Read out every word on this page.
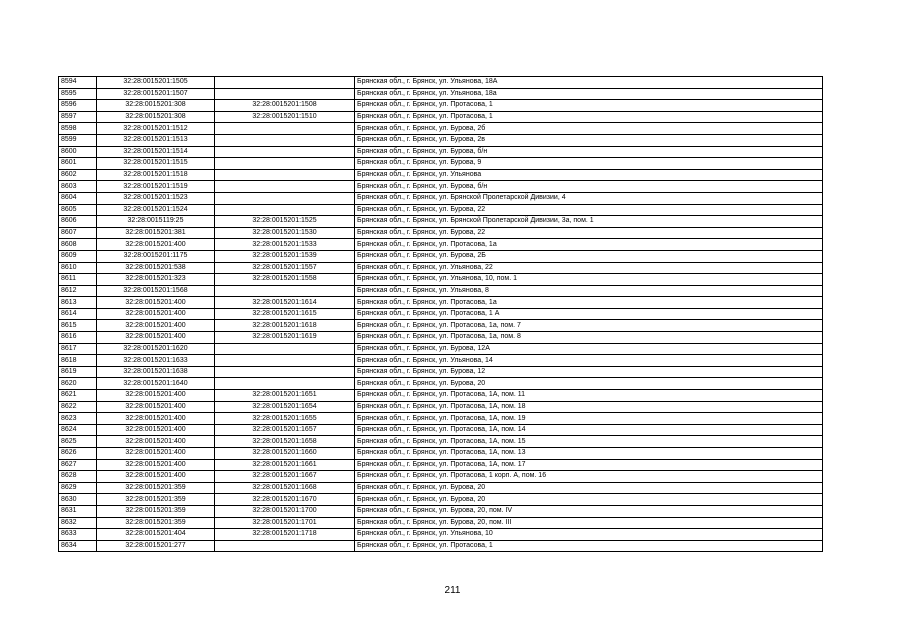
8594	32:28:0015201:1505		Брянская обл., г. Брянск, ул. Ульянова, 18А
8595	32:28:0015201:1507		Брянская обл., г. Брянск, ул. Ульянова, 18а
8596	32:28:0015201:308	32:28:0015201:1508	Брянская обл., г. Брянск, ул. Протасова, 1
8597	32:28:0015201:308	32:28:0015201:1510	Брянская обл., г. Брянск, ул. Протасова, 1
8598	32:28:0015201:1512		Брянская обл., г. Брянск, ул. Бурова, 2б
8599	32:28:0015201:1513		Брянская обл., г. Брянск, ул. Бурова, 2в
8600	32:28:0015201:1514		Брянская обл., г. Брянск, ул. Бурова, б/н
8601	32:28:0015201:1515		Брянская обл., г. Брянск, ул. Бурова, 9
8602	32:28:0015201:1518		Брянская обл., г. Брянск, ул. Ульянова
8603	32:28:0015201:1519		Брянская обл., г. Брянск, ул. Бурова, б/н
8604	32:28:0015201:1523		Брянская обл., г. Брянск, ул. Брянской Пролетарской Дивизии, 4
8605	32:28:0015201:1524		Брянская обл., г. Брянск, ул. Бурова, 22
8606	32:28:0015119:25	32:28:0015201:1525	Брянская обл., г. Брянск, ул. Брянской Пролетарской Дивизии, 3а, пом. 1
8607	32:28:0015201:381	32:28:0015201:1530	Брянская обл., г. Брянск, ул. Бурова, 22
8608	32:28:0015201:400	32:28:0015201:1533	Брянская обл., г. Брянск, ул. Протасова, 1а
8609	32:28:0015201:1175	32:28:0015201:1539	Брянская обл., г. Брянск, ул. Бурова, 2Б
8610	32:28:0015201:538	32:28:0015201:1557	Брянская обл., г. Брянск, ул. Ульянова, 22
8611	32:28:0015201:323	32:28:0015201:1558	Брянская обл., г. Брянск, ул. Ульянова, 10, пом. 1
8612	32:28:0015201:1568		Брянская обл., г. Брянск, ул. Ульянова, 8
8613	32:28:0015201:400	32:28:0015201:1614	Брянская обл., г. Брянск, ул. Протасова, 1а
8614	32:28:0015201:400	32:28:0015201:1615	Брянская обл., г. Брянск, ул. Протасова, 1 А
8615	32:28:0015201:400	32:28:0015201:1618	Брянская обл., г. Брянск, ул. Протасова, 1а, пом. 7
8616	32:28:0015201:400	32:28:0015201:1619	Брянская обл., г. Брянск, ул. Протасова, 1а, пом. 8
8617	32:28:0015201:1620		Брянская обл., г. Брянск, ул. Бурова, 12А
8618	32:28:0015201:1633		Брянская обл., г. Брянск, ул. Ульянова, 14
8619	32:28:0015201:1638		Брянская обл., г. Брянск, ул. Бурова, 12
8620	32:28:0015201:1640		Брянская обл., г. Брянск, ул. Бурова, 20
8621	32:28:0015201:400	32:28:0015201:1651	Брянская обл., г. Брянск, ул. Протасова, 1А, пом. 11
8622	32:28:0015201:400	32:28:0015201:1654	Брянская обл., г. Брянск, ул. Протасова, 1А, пом. 18
8623	32:28:0015201:400	32:28:0015201:1655	Брянская обл., г. Брянск, ул. Протасова, 1А, пом. 19
8624	32:28:0015201:400	32:28:0015201:1657	Брянская обл., г. Брянск, ул. Протасова, 1А, пом. 14
8625	32:28:0015201:400	32:28:0015201:1658	Брянская обл., г. Брянск, ул. Протасова, 1А, пом. 15
8626	32:28:0015201:400	32:28:0015201:1660	Брянская обл., г. Брянск, ул. Протасова, 1А, пом. 13
8627	32:28:0015201:400	32:28:0015201:1661	Брянская обл., г. Брянск, ул. Протасова, 1А, пом. 17
8628	32:28:0015201:400	32:28:0015201:1667	Брянская обл., г. Брянск, ул. Протасова, 1 корп. А, пом. 16
8629	32:28:0015201:359	32:28:0015201:1668	Брянская обл., г. Брянск, ул. Бурова, 20
8630	32:28:0015201:359	32:28:0015201:1670	Брянская обл., г. Брянск, ул. Бурова, 20
8631	32:28:0015201:359	32:28:0015201:1700	Брянская обл., г. Брянск, ул. Бурова, 20, пом. IV
8632	32:28:0015201:359	32:28:0015201:1701	Брянская обл., г. Брянск, ул. Бурова, 20, пом. III
8633	32:28:0015201:404	32:28:0015201:1718	Брянская обл., г. Брянск, ул. Ульянова, 10
8634	32:28:0015201:277		Брянская обл., г. Брянск, ул. Протасова, 1
211
